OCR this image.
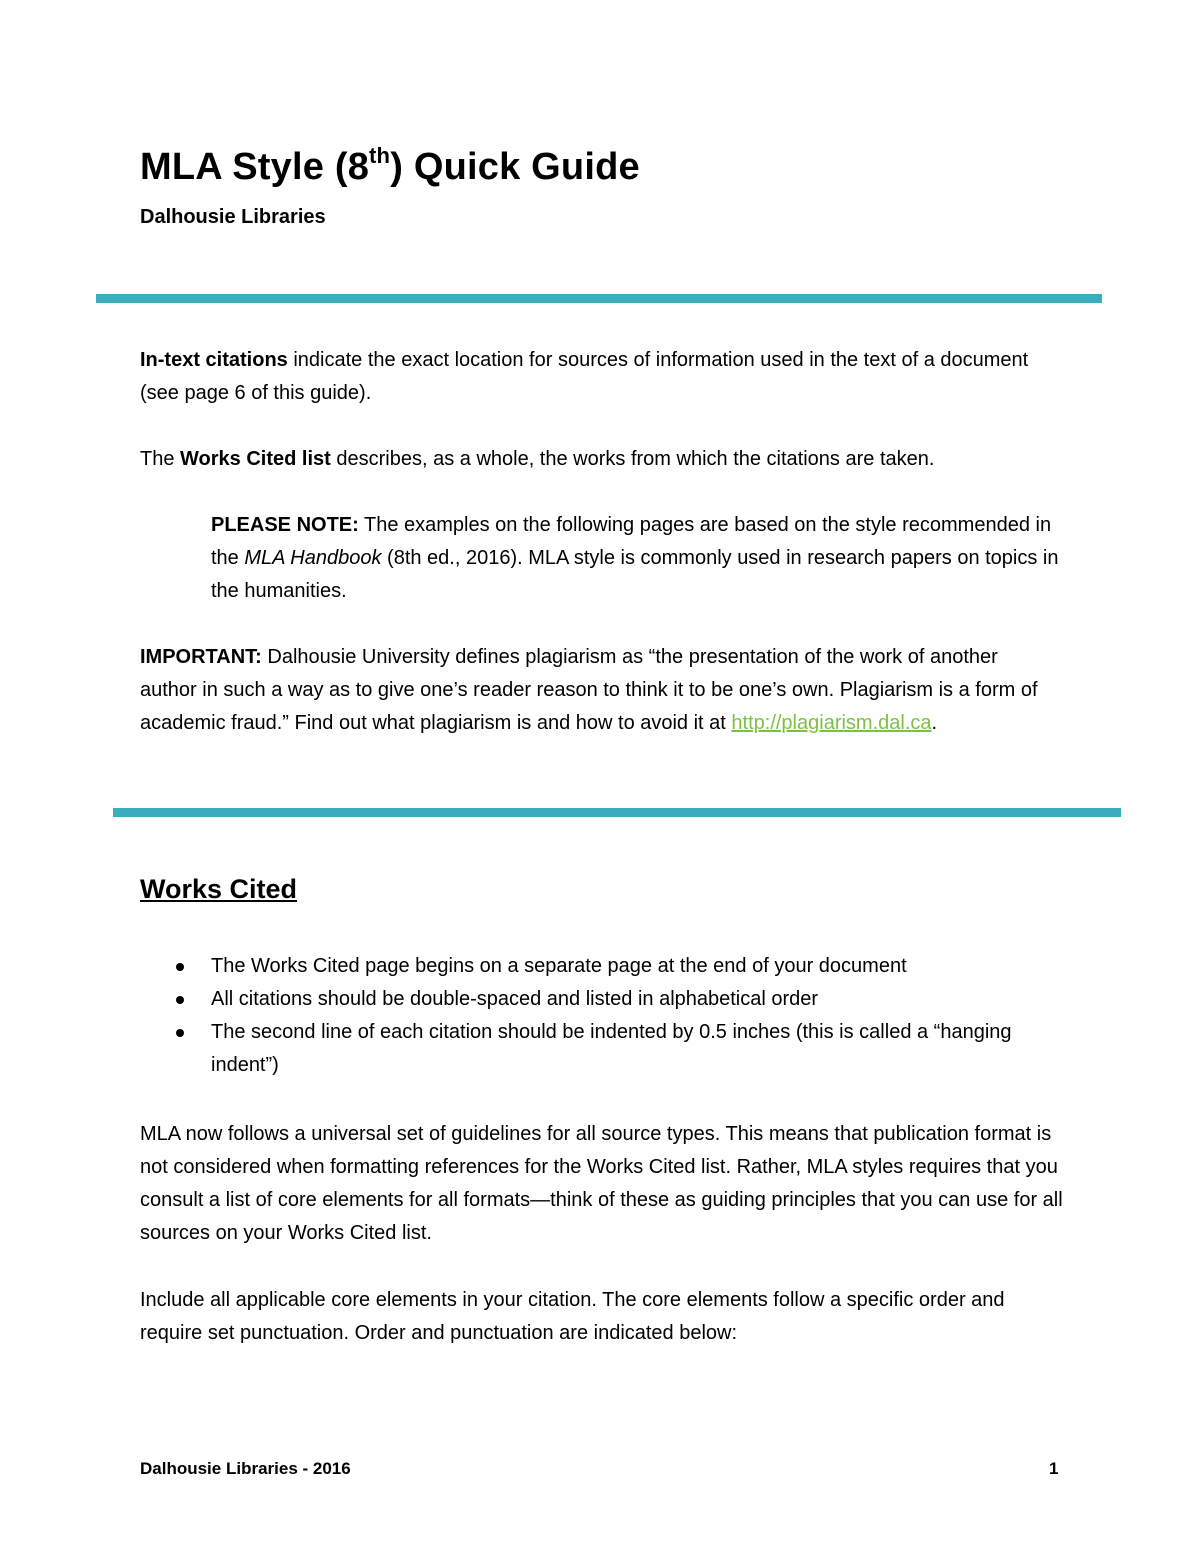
MLA Style (8th) Quick Guide

Dalhousie Libraries

In-text citations indicate the exact location for sources of information used in the text of a document (see page 6 of this guide).

The Works Cited list describes, as a whole, the works from which the citations are taken.

PLEASE NOTE: The examples on the following pages are based on the style recommended in the MLA Handbook (8th ed., 2016). MLA style is commonly used in research papers on topics in the humanities.

IMPORTANT: Dalhousie University defines plagiarism as “the presentation of the work of another author in such a way as to give one’s reader reason to think it to be one’s own. Plagiarism is a form of academic fraud.” Find out what plagiarism is and how to avoid it at http://plagiarism.dal.ca.

Works Cited
The Works Cited page begins on a separate page at the end of your document
All citations should be double-spaced and listed in alphabetical order
The second line of each citation should be indented by 0.5 inches (this is called a “hanging indent”)

MLA now follows a universal set of guidelines for all source types. This means that publication format is not considered when formatting references for the Works Cited list. Rather, MLA styles requires that you consult a list of core elements for all formats—think of these as guiding principles that you can use for all sources on your Works Cited list.

Include all applicable core elements in your citation. The core elements follow a specific order and require set punctuation. Order and punctuation are indicated below:

Dalhousie Libraries - 2016	1
